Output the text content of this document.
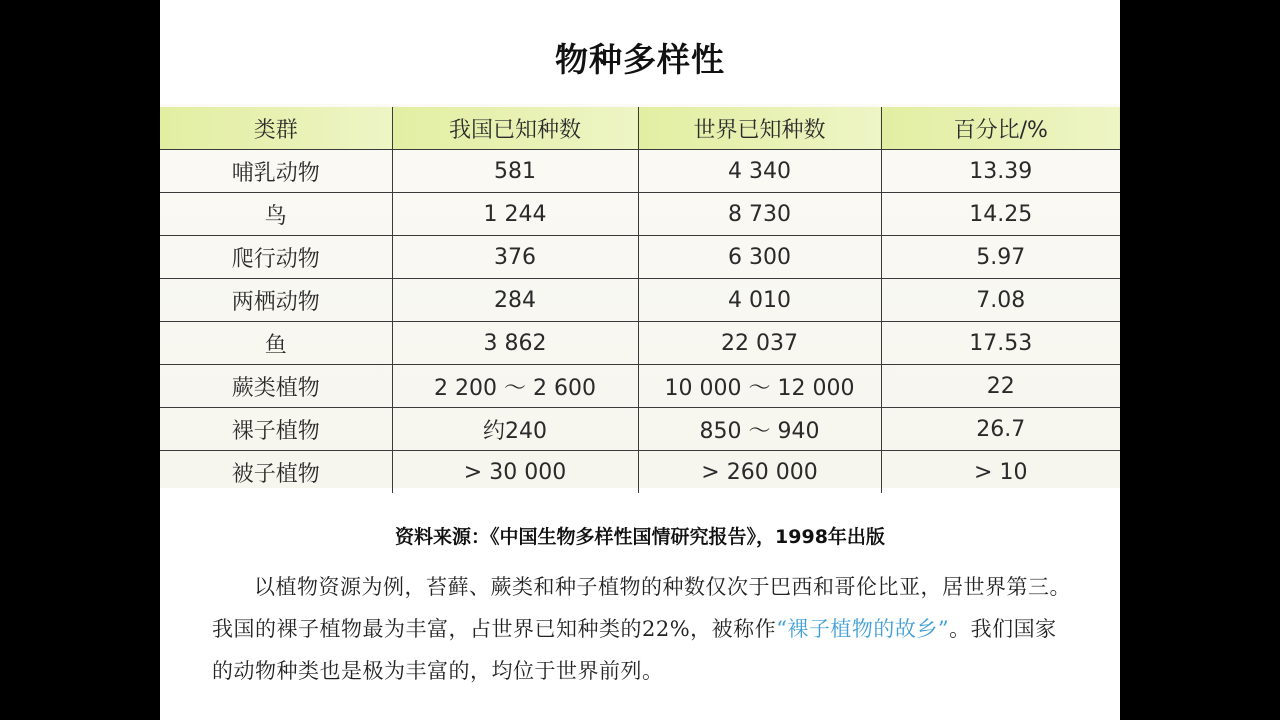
物种多样性
类群	我国已知种数	世界已知种数	百分比/%
哺乳动物	581	4 340	13.39
鸟	1 244	8 730	14.25
爬行动物	376	6 300	5.97
两栖动物	284	4 010	7.08
鱼	3 862	22 037	17.53
蕨类植物	2 200 ～ 2 600	10 000 ～ 12 000	22
裸子植物	约240	850 ～ 940	26.7
被子植物	> 30 000	> 260 000	> 10
资料来源：《中国生物多样性国情研究报告》，1998年出版
以植物资源为例，苔藓、蕨类和种子植物的种数仅次于巴西和哥伦比亚，居世界第三。我国的裸子植物最为丰富，占世界已知种类的22%，被称作“裸子植物的故乡”。我们国家的动物种类也是极为丰富的，均位于世界前列。
